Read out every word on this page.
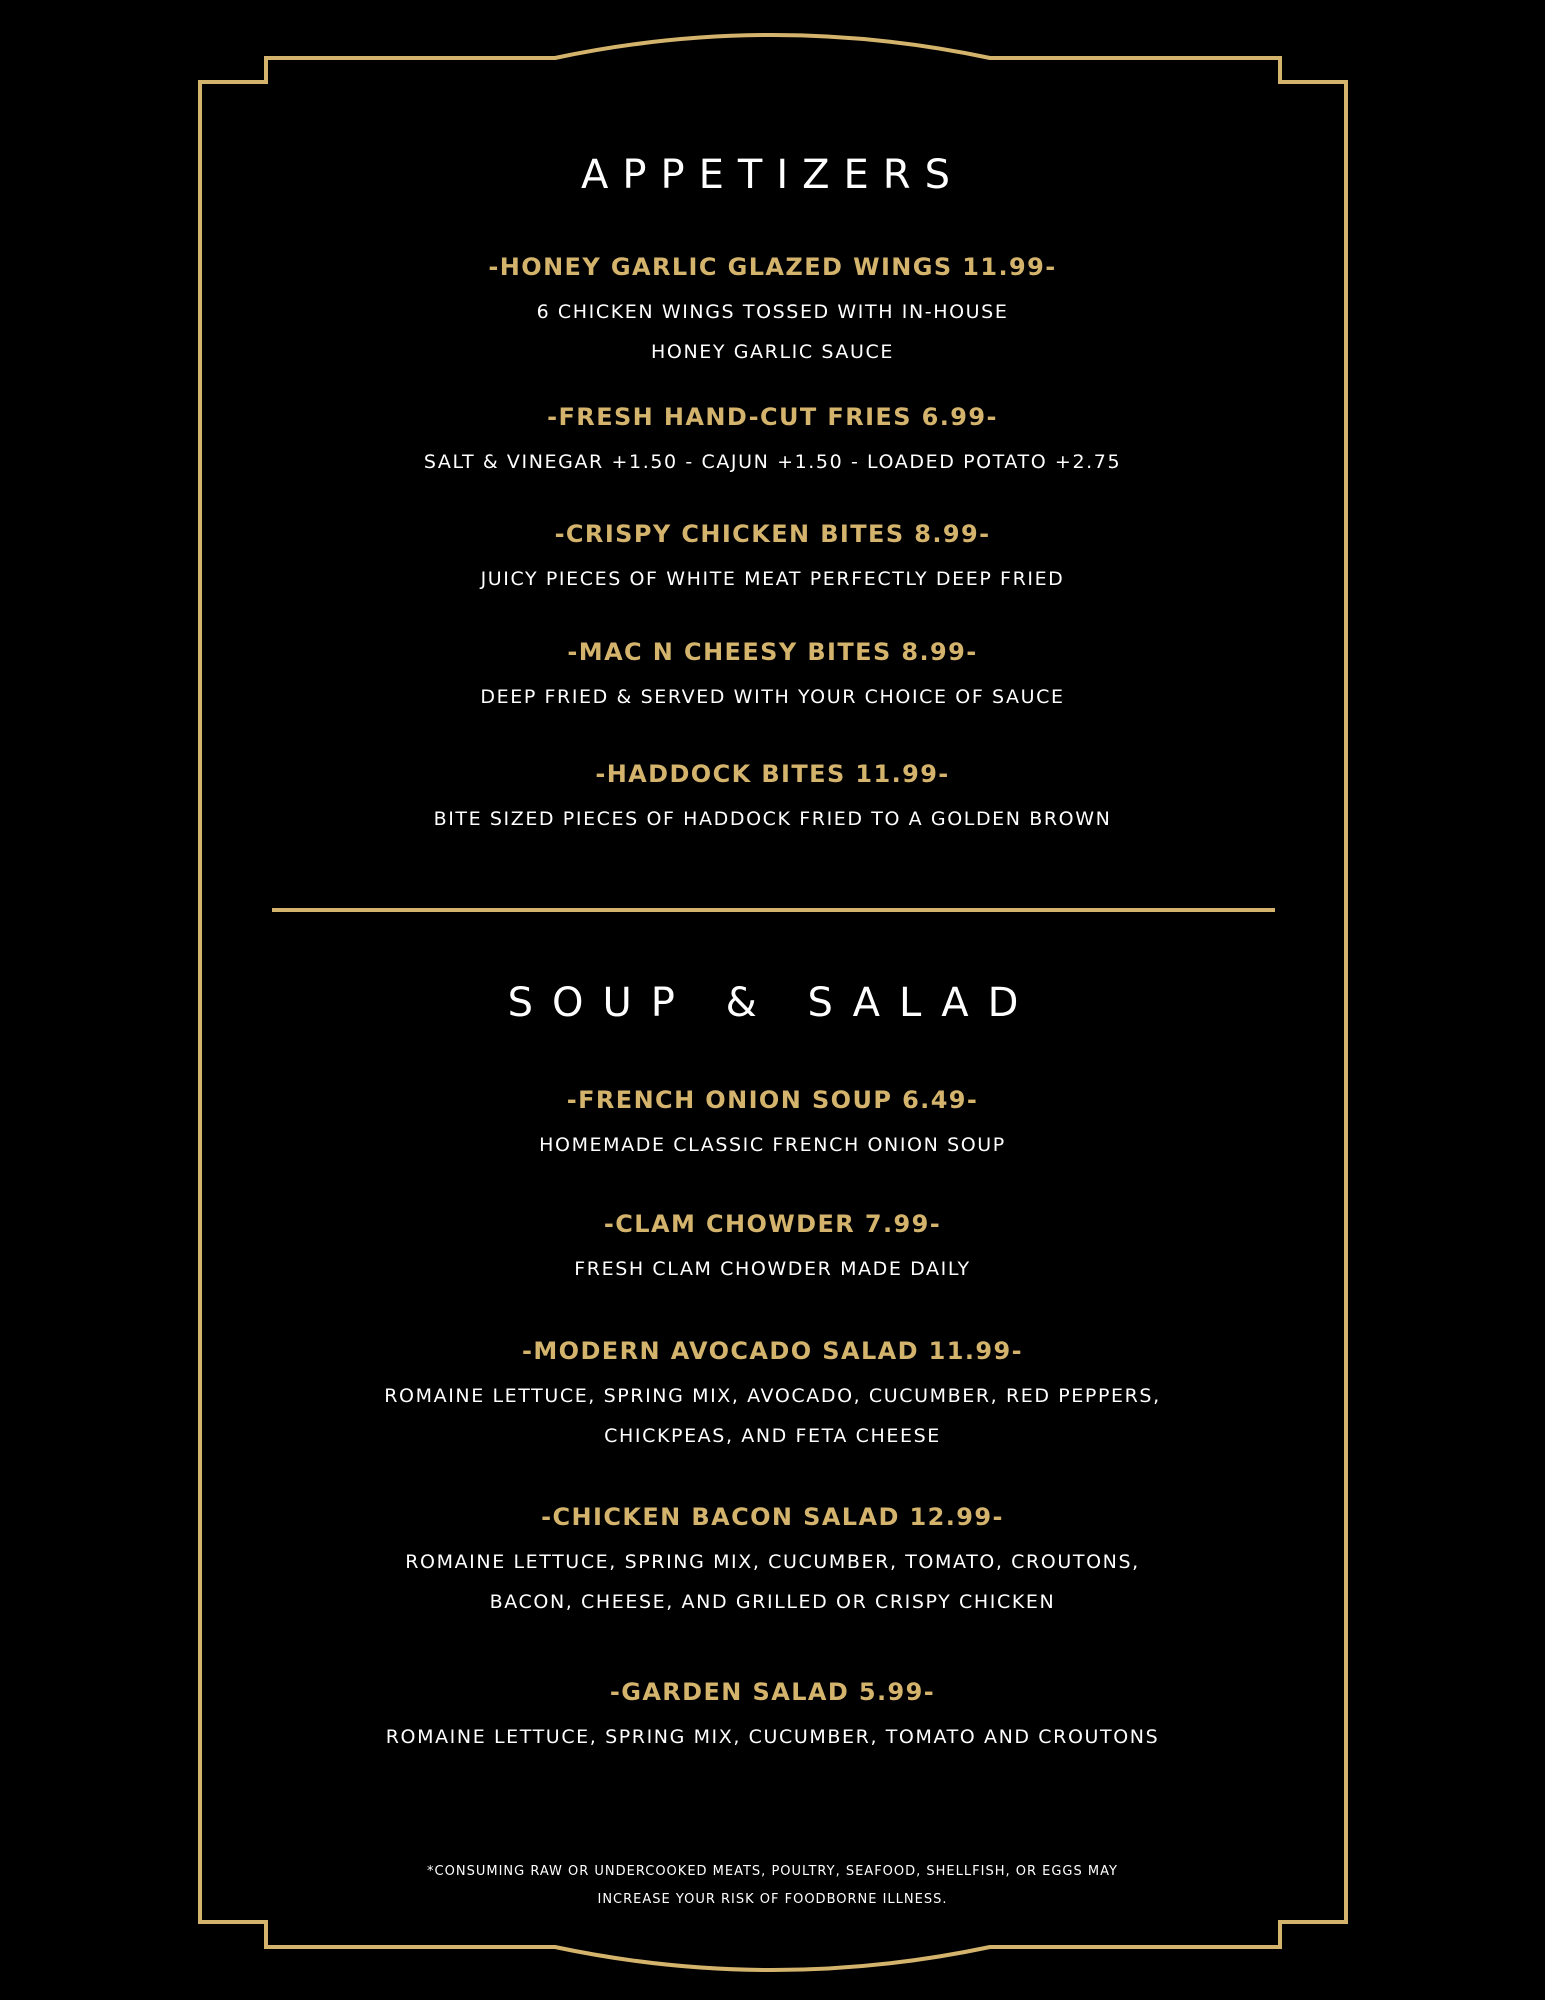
APPETIZERS
-HONEY GARLIC GLAZED WINGS 11.99-
6 CHICKEN WINGS TOSSED WITH IN-HOUSE
HONEY GARLIC SAUCE
-FRESH HAND-CUT FRIES 6.99-
SALT & VINEGAR +1.50 - CAJUN +1.50 - LOADED POTATO +2.75
-CRISPY CHICKEN BITES 8.99-
JUICY PIECES OF WHITE MEAT PERFECTLY DEEP FRIED
-MAC N CHEESY BITES 8.99-
DEEP FRIED & SERVED WITH YOUR CHOICE OF SAUCE
-HADDOCK BITES 11.99-
BITE SIZED PIECES OF HADDOCK FRIED TO A GOLDEN BROWN
SOUP & SALAD
-FRENCH ONION SOUP 6.49-
HOMEMADE CLASSIC FRENCH ONION SOUP
-CLAM CHOWDER 7.99-
FRESH CLAM CHOWDER MADE DAILY
-MODERN AVOCADO SALAD 11.99-
ROMAINE LETTUCE, SPRING MIX, AVOCADO, CUCUMBER, RED PEPPERS,
CHICKPEAS, AND FETA CHEESE
-CHICKEN BACON SALAD 12.99-
ROMAINE LETTUCE, SPRING MIX, CUCUMBER, TOMATO, CROUTONS,
BACON, CHEESE, AND GRILLED OR CRISPY CHICKEN
-GARDEN SALAD 5.99-
ROMAINE LETTUCE, SPRING MIX, CUCUMBER, TOMATO AND CROUTONS
*CONSUMING RAW OR UNDERCOOKED MEATS, POULTRY, SEAFOOD, SHELLFISH, OR EGGS MAY
INCREASE YOUR RISK OF FOODBORNE ILLNESS.
